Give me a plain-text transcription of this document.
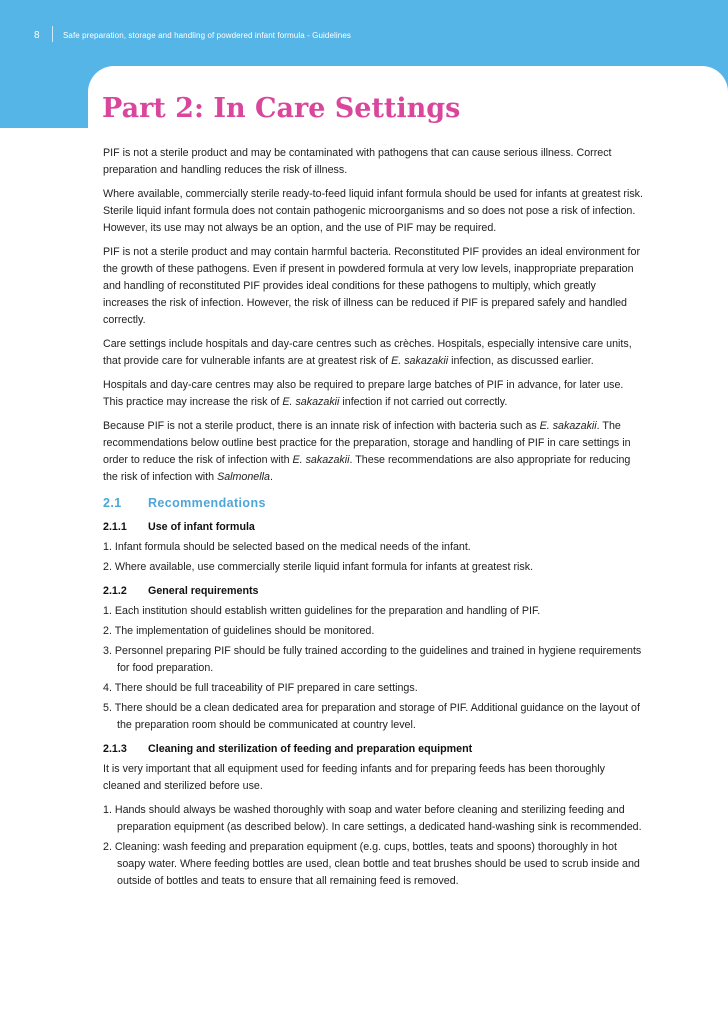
8	Safe preparation, storage and handling of powdered infant formula - Guidelines
Part 2: In Care Settings

PIF is not a sterile product and may be contaminated with pathogens that can cause serious illness. Correct preparation and handling reduces the risk of illness.

Where available, commercially sterile ready-to-feed liquid infant formula should be used for infants at greatest risk. Sterile liquid infant formula does not contain pathogenic microorganisms and so does not pose a risk of infection. However, its use may not always be an option, and the use of PIF may be required.

PIF is not a sterile product and may contain harmful bacteria. Reconstituted PIF provides an ideal environment for the growth of these pathogens. Even if present in powdered formula at very low levels, inappropriate preparation and handling of reconstituted PIF provides ideal conditions for these pathogens to multiply, which greatly increases the risk of infection. However, the risk of illness can be reduced if PIF is prepared safely and handled correctly.

Care settings include hospitals and day-care centres such as crèches. Hospitals, especially intensive care units, that provide care for vulnerable infants are at greatest risk of E. sakazakii infection, as discussed earlier.

Hospitals and day-care centres may also be required to prepare large batches of PIF in advance, for later use. This practice may increase the risk of E. sakazakii infection if not carried out correctly.

Because PIF is not a sterile product, there is an innate risk of infection with bacteria such as E. sakazakii. The recommendations below outline best practice for the preparation, storage and handling of PIF in care settings in order to reduce the risk of infection with E. sakazakii. These recommendations are also appropriate for reducing the risk of infection with Salmonella.

2.1 Recommendations
2.1.1 Use of infant formula
1. Infant formula should be selected based on the medical needs of the infant.
2. Where available, use commercially sterile liquid infant formula for infants at greatest risk.
2.1.2 General requirements
1. Each institution should establish written guidelines for the preparation and handling of PIF.
2. The implementation of guidelines should be monitored.
3. Personnel preparing PIF should be fully trained according to the guidelines and trained in hygiene requirements for food preparation.
4. There should be full traceability of PIF prepared in care settings.
5. There should be a clean dedicated area for preparation and storage of PIF. Additional guidance on the layout of the preparation room should be communicated at country level.
2.1.3 Cleaning and sterilization of feeding and preparation equipment

It is very important that all equipment used for feeding infants and for preparing feeds has been thoroughly cleaned and sterilized before use.

1. Hands should always be washed thoroughly with soap and water before cleaning and sterilizing feeding and preparation equipment (as described below). In care settings, a dedicated hand-washing sink is recommended.
2. Cleaning: wash feeding and preparation equipment (e.g. cups, bottles, teats and spoons) thoroughly in hot soapy water. Where feeding bottles are used, clean bottle and teat brushes should be used to scrub inside and outside of bottles and teats to ensure that all remaining feed is removed.
